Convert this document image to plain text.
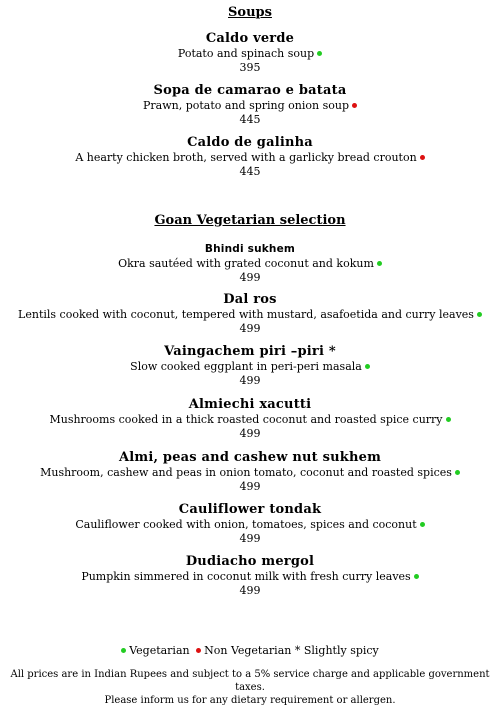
Soups
Caldo verde
Potato and spinach soup
395
Sopa de camarao e batata
Prawn, potato and spring onion soup
445
Caldo de galinha
A hearty chicken broth, served with a garlicky bread crouton
445
Goan Vegetarian selection
Bhindi sukhem
Okra sautéed with grated coconut and kokum
499
Dal ros
Lentils cooked with coconut, tempered with mustard, asafoetida and curry leaves
499
Vaingachem piri –piri *
Slow cooked eggplant in peri-peri masala
499
Almiechi xacutti
Mushrooms cooked in a thick roasted coconut and roasted spice curry
499
Almi, peas and cashew nut sukhem
Mushroom, cashew and peas in onion tomato, coconut and roasted spices
499
Cauliflower tondak
Cauliflower cooked with onion, tomatoes, spices and coconut
499
Dudiacho mergol
Pumpkin simmered in coconut milk with fresh curry leaves
499
Vegetarian Non Vegetarian * Slightly spicy
All prices are in Indian Rupees and subject to a 5% service charge and applicable government taxes.
Please inform us for any dietary requirement or allergen.
